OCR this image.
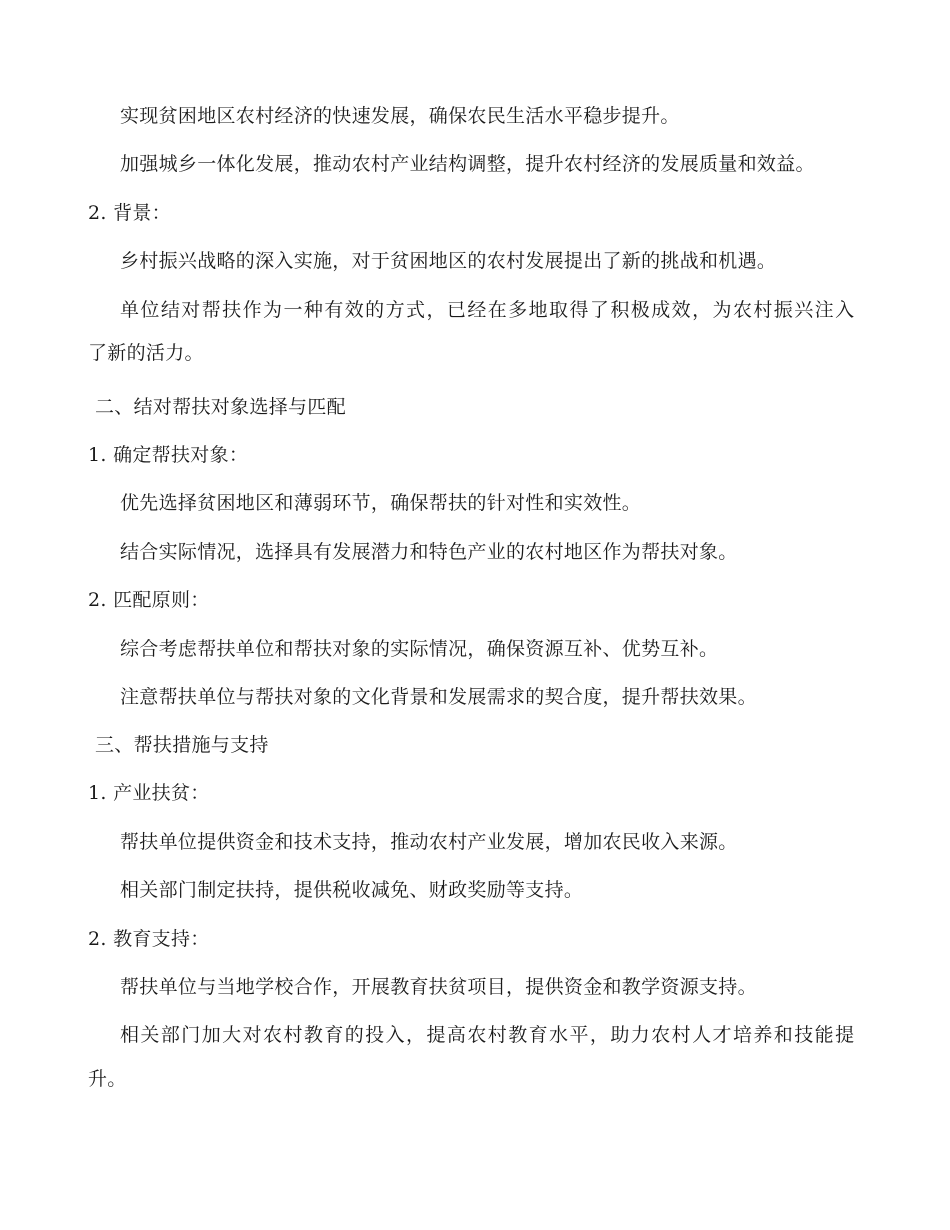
实现贫困地区农村经济的快速发展，确保农民生活水平稳步提升。
加强城乡一体化发展，推动农村产业结构调整，提升农村经济的发展质量和效益。
2. 背景：
乡村振兴战略的深入实施，对于贫困地区的农村发展提出了新的挑战和机遇。
单位结对帮扶作为一种有效的方式，已经在多地取得了积极成效，为农村振兴注入
了新的活力。
二、结对帮扶对象选择与匹配
1. 确定帮扶对象：
优先选择贫困地区和薄弱环节，确保帮扶的针对性和实效性。
结合实际情况，选择具有发展潜力和特色产业的农村地区作为帮扶对象。
2. 匹配原则：
综合考虑帮扶单位和帮扶对象的实际情况，确保资源互补、优势互补。
注意帮扶单位与帮扶对象的文化背景和发展需求的契合度，提升帮扶效果。
三、帮扶措施与支持
1. 产业扶贫：
帮扶单位提供资金和技术支持，推动农村产业发展，增加农民收入来源。
相关部门制定扶持，提供税收减免、财政奖励等支持。
2. 教育支持：
帮扶单位与当地学校合作，开展教育扶贫项目，提供资金和教学资源支持。
相关部门加大对农村教育的投入，提高农村教育水平，助力农村人才培养和技能提
升。
